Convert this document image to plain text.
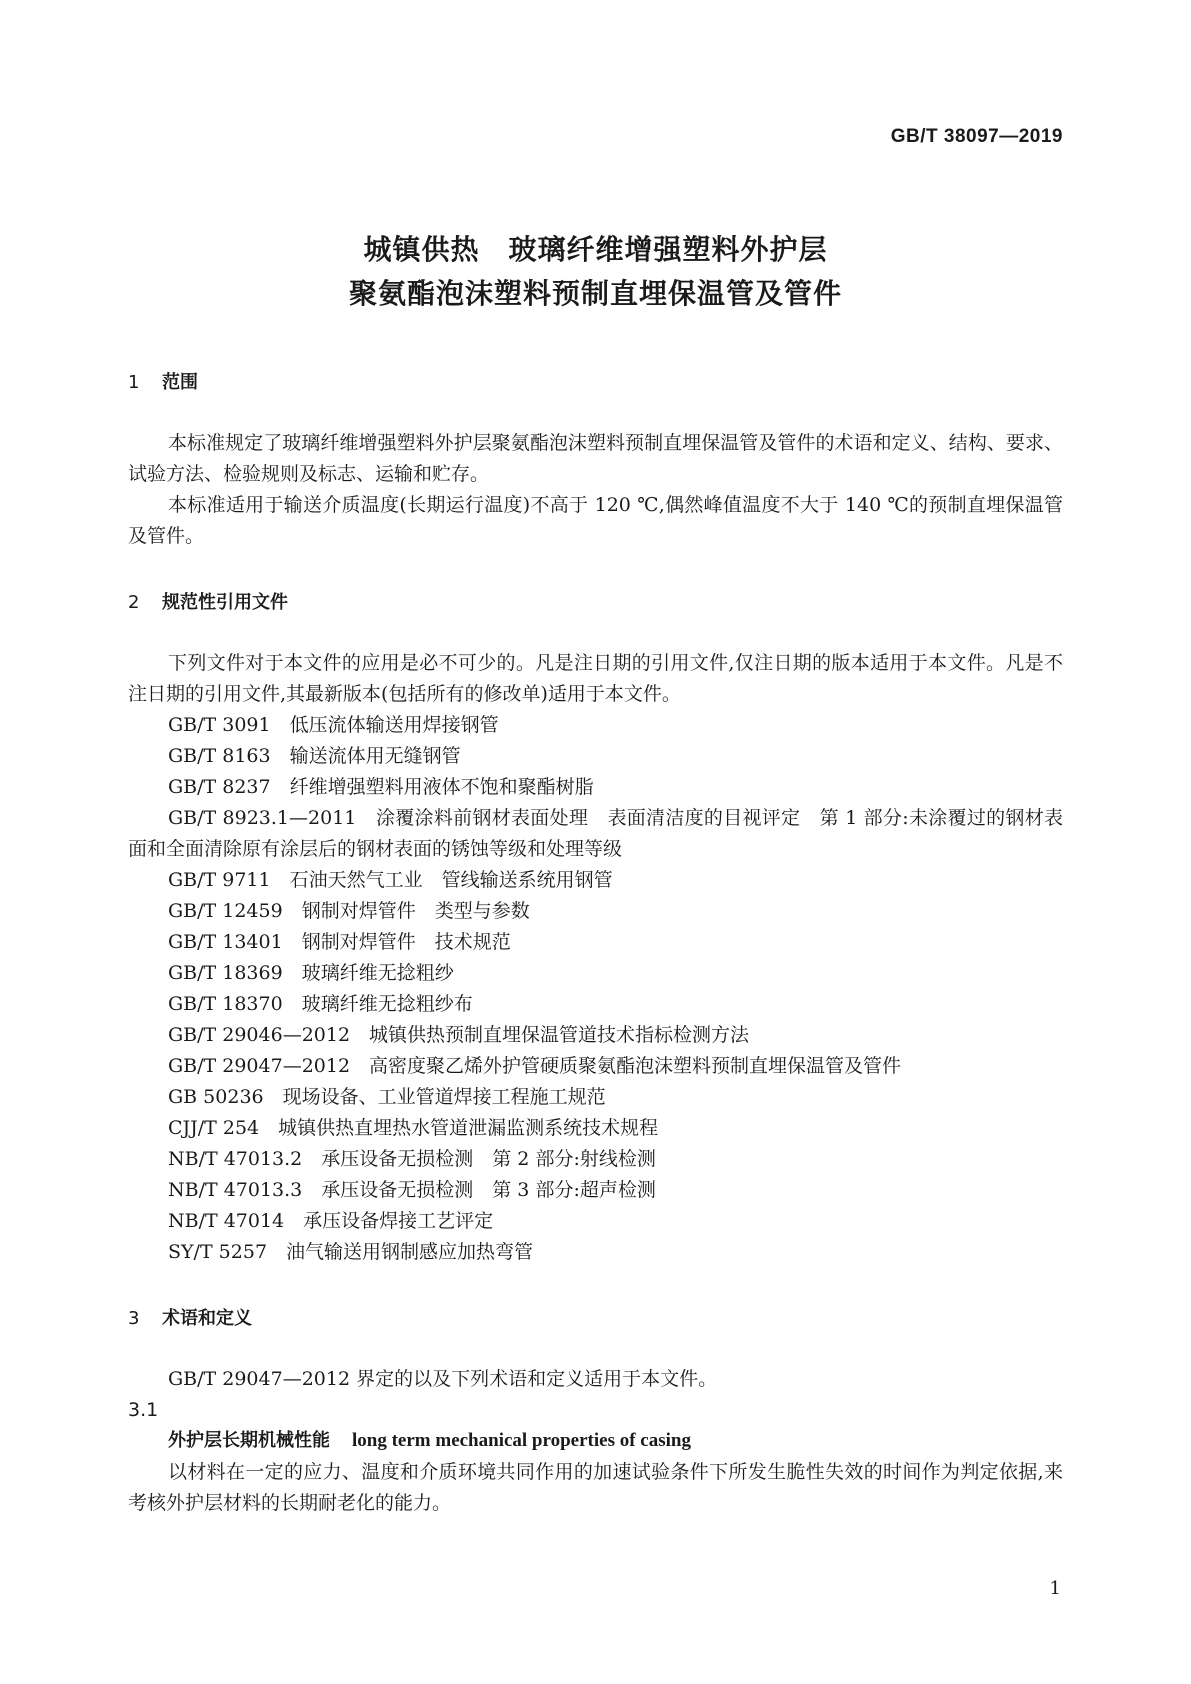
GB/T 38097—2019
城镇供热　玻璃纤维增强塑料外护层
聚氨酯泡沫塑料预制直埋保温管及管件
1 范围

本标准规定了玻璃纤维增强塑料外护层聚氨酯泡沫塑料预制直埋保温管及管件的术语和定义、结构、要求、试验方法、检验规则及标志、运输和贮存。

本标准适用于输送介质温度(长期运行温度)不高于 120 ℃,偶然峰值温度不大于 140 ℃的预制直埋保温管及管件。

2 规范性引用文件

下列文件对于本文件的应用是必不可少的。凡是注日期的引用文件,仅注日期的版本适用于本文件。凡是不注日期的引用文件,其最新版本(包括所有的修改单)适用于本文件。

GB/T 3091　低压流体输送用焊接钢管
GB/T 8163　输送流体用无缝钢管
GB/T 8237　纤维增强塑料用液体不饱和聚酯树脂
GB/T 8923.1—2011　涂覆涂料前钢材表面处理　表面清洁度的目视评定　第 1 部分:未涂覆过的钢材表面和全面清除原有涂层后的钢材表面的锈蚀等级和处理等级
GB/T 9711　石油天然气工业　管线输送系统用钢管
GB/T 12459　钢制对焊管件　类型与参数
GB/T 13401　钢制对焊管件　技术规范
GB/T 18369　玻璃纤维无捻粗纱
GB/T 18370　玻璃纤维无捻粗纱布
GB/T 29046—2012　城镇供热预制直埋保温管道技术指标检测方法
GB/T 29047—2012　高密度聚乙烯外护管硬质聚氨酯泡沫塑料预制直埋保温管及管件
GB 50236　现场设备、工业管道焊接工程施工规范
CJJ/T 254　城镇供热直埋热水管道泄漏监测系统技术规程
NB/T 47013.2　承压设备无损检测　第 2 部分:射线检测
NB/T 47013.3　承压设备无损检测　第 3 部分:超声检测
NB/T 47014　承压设备焊接工艺评定
SY/T 5257　油气输送用钢制感应加热弯管
3 术语和定义

GB/T 29047—2012 界定的以及下列术语和定义适用于本文件。

3.1
外护层长期机械性能 long term mechanical properties of casing

以材料在一定的应力、温度和介质环境共同作用的加速试验条件下所发生脆性失效的时间作为判定依据,来考核外护层材料的长期耐老化的能力。

1
